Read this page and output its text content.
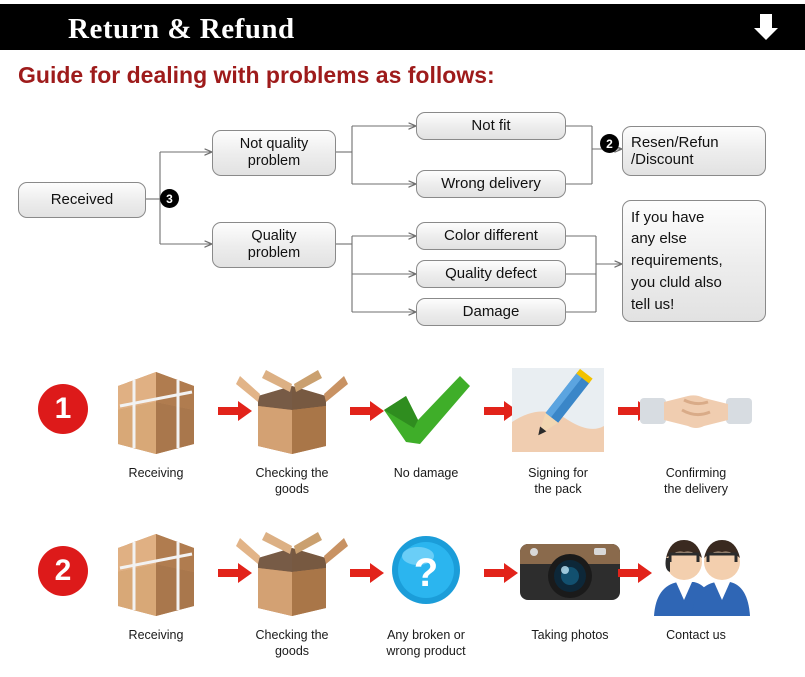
Return & Refund
Guide for dealing with problems as follows:
3
2
Received
Not quality
problem
Quality
problem
Not fit
Wrong delivery
Color different
Quality defect
Damage
Resen/Refun
/Discount
If you have
any else
requirements,
you cluld also
tell us!
1
Receiving	Checking the
goods
No damage	Signing for
the pack
Confirming
the delivery
2
Receiving	Checking the
goods
?
Any broken or
wrong product
Taking photos	Contact us
